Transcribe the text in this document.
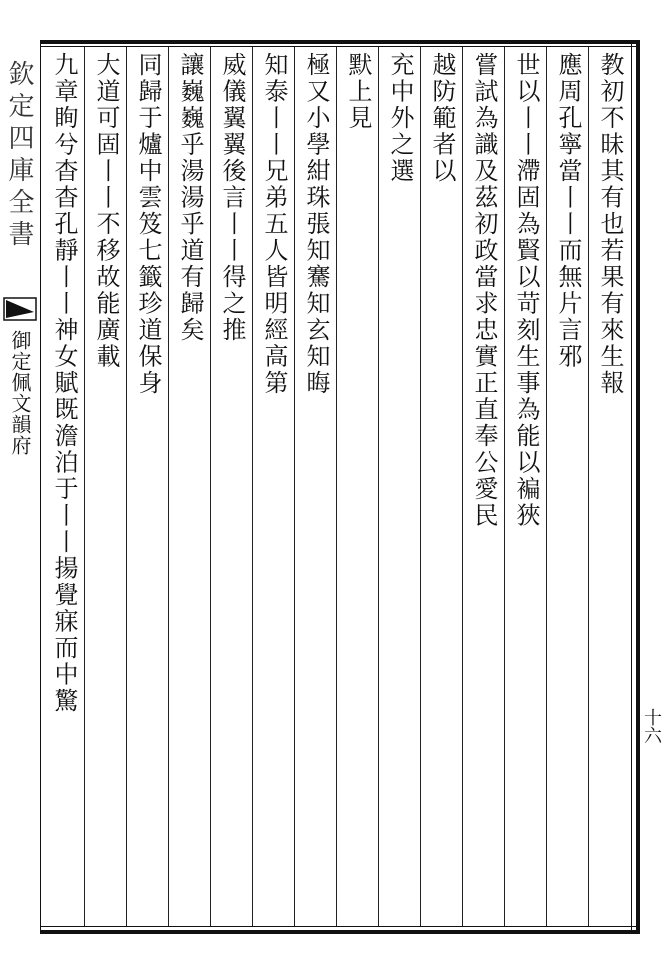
欽定四庫全書
御定佩文韻府	教初不昧其有也若果有來生報
應周孔寧當丨丨而無片言邪
世以丨丨滯固為賢以苛刻生事為能以褊狹
嘗試為識及茲初政當求忠實正直奉公愛民
越防範者以
充中外之選
默上見
極又小學紺珠張知騫知玄知晦
知泰丨丨兄弟五人皆明經高第
威儀翼翼後言丨丨得之推
讓巍巍乎湯湯乎道有歸矣
同歸于爐中雲笈七籤珍道保身
大道可固丨丨不移故能廣載
九章眴兮杳杳孔靜丨丨神女賦既澹泊于丨丨揚覺寐而中驚
十六
